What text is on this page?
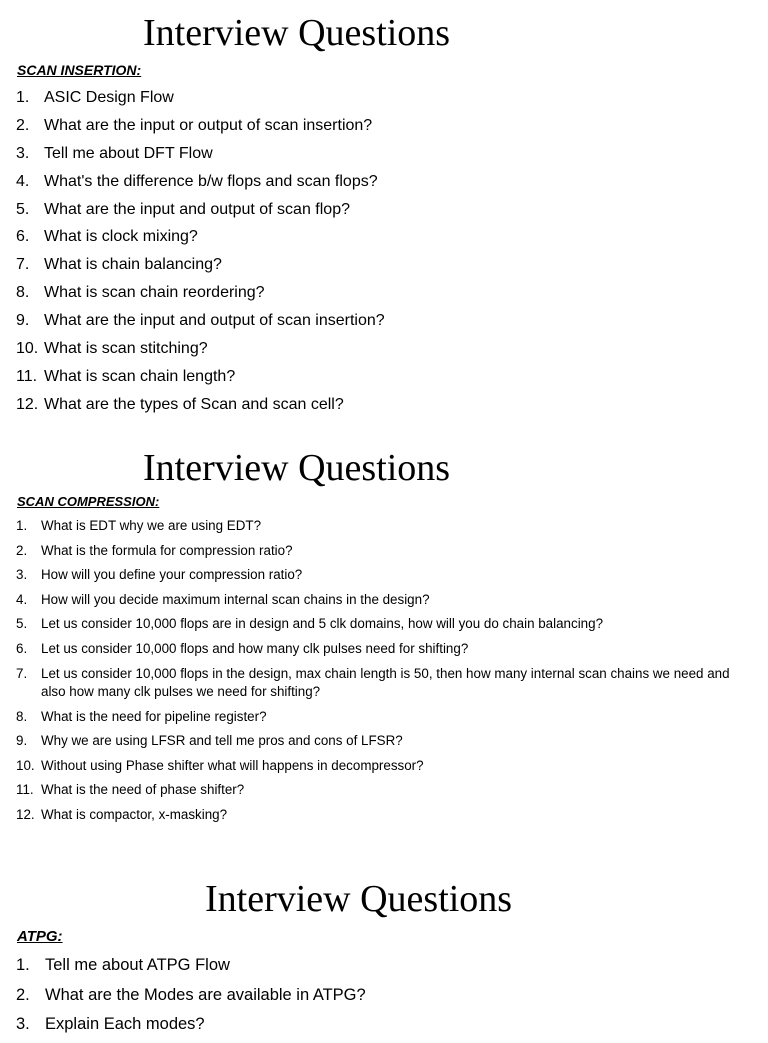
Interview Questions
SCAN INSERTION:
1. ASIC Design Flow
2. What are the input or output of scan insertion?
3. Tell me about DFT Flow
4. What's the difference b/w flops and scan flops?
5. What are the input and output of scan flop?
6. What is clock mixing?
7. What is chain balancing?
8. What is scan chain reordering?
9. What are the input and output of scan insertion?
10. What is scan stitching?
11. What is scan chain length?
12. What are the types of Scan and scan cell?
Interview Questions
SCAN COMPRESSION:
1.	What is EDT why we are using EDT?
2.	What is the formula for compression ratio?
3.	How will you define your compression ratio?
4.	How will you decide maximum internal scan chains in the design?
5.	Let us consider 10,000 flops are in design and 5 clk domains, how will you do chain balancing?
6.	Let us consider 10,000 flops and how many clk pulses need for shifting?
7.	Let us consider 10,000 flops in the design, max chain length is 50, then how many internal scan chains we need and also how many clk pulses we need for shifting?
8.	What is the need for pipeline register?
9.	Why we are using LFSR and tell me pros and cons of LFSR?
10. Without using Phase shifter what will happens in decompressor?
11. What is the need of phase shifter?
12. What is compactor, x-masking?
Interview Questions
ATPG:
1. Tell me about ATPG Flow
2. What are the Modes are available in ATPG?
3. Explain Each modes?
